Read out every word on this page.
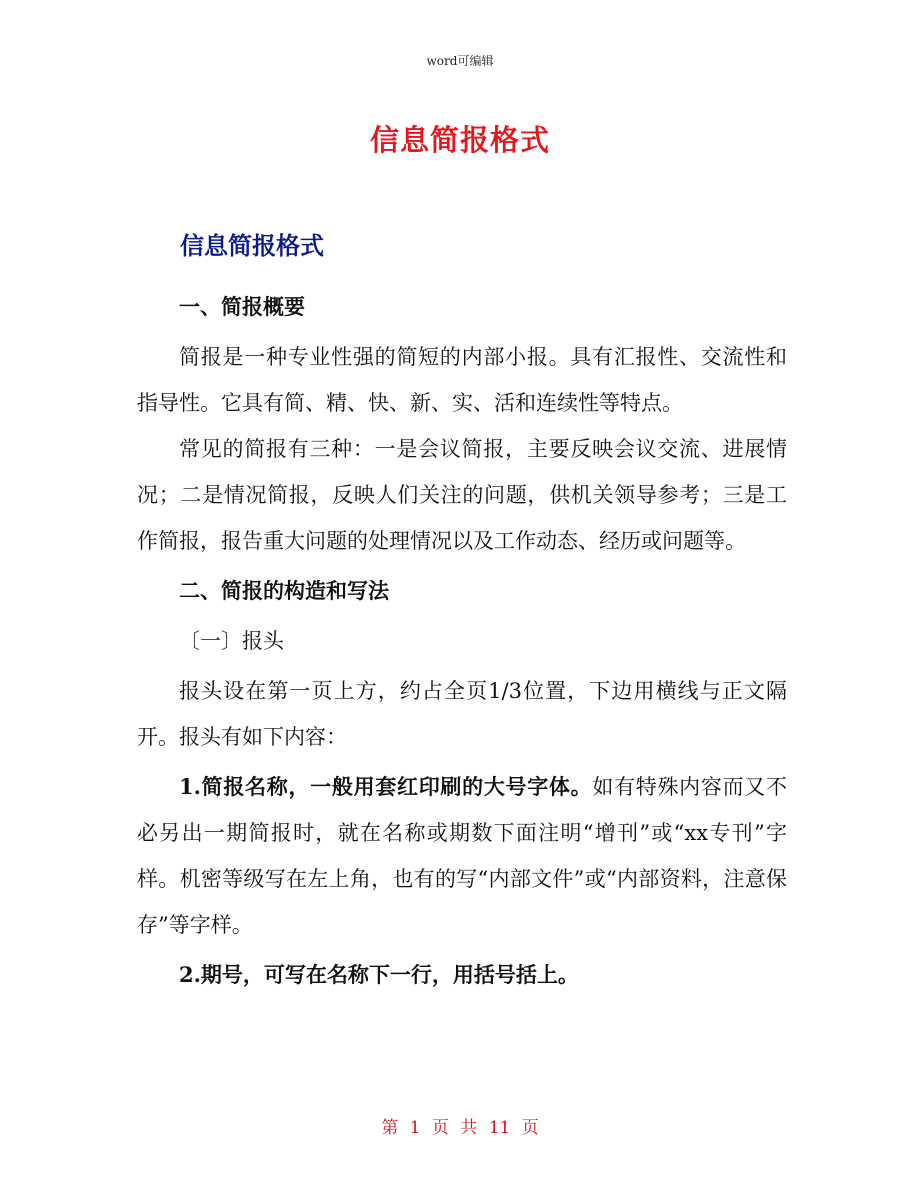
word可编辑
信息简报格式
信息简报格式

一、简报概要

简报是一种专业性强的简短的内部小报。具有汇报性、交流性和指导性。它具有简、精、快、新、实、活和连续性等特点。

常见的简报有三种：一是会议简报，主要反映会议交流、进展情况；二是情况简报，反映人们关注的问题，供机关领导参考；三是工作简报，报告重大问题的处理情况以及工作动态、经历或问题等。

二、简报的构造和写法

〔一〕报头

报头设在第一页上方，约占全页1/3位置，下边用横线与正文隔开。报头有如下内容：

1.简报名称，一般用套红印刷的大号字体。如有特殊内容而又不必另出一期简报时，就在名称或期数下面注明“增刊”或“xx专刊”字样。机密等级写在左上角，也有的写“内部文件”或“内部资料，注意保存”等字样。

2.期号，可写在名称下一行，用括号括上。

第 1 页 共 11 页
